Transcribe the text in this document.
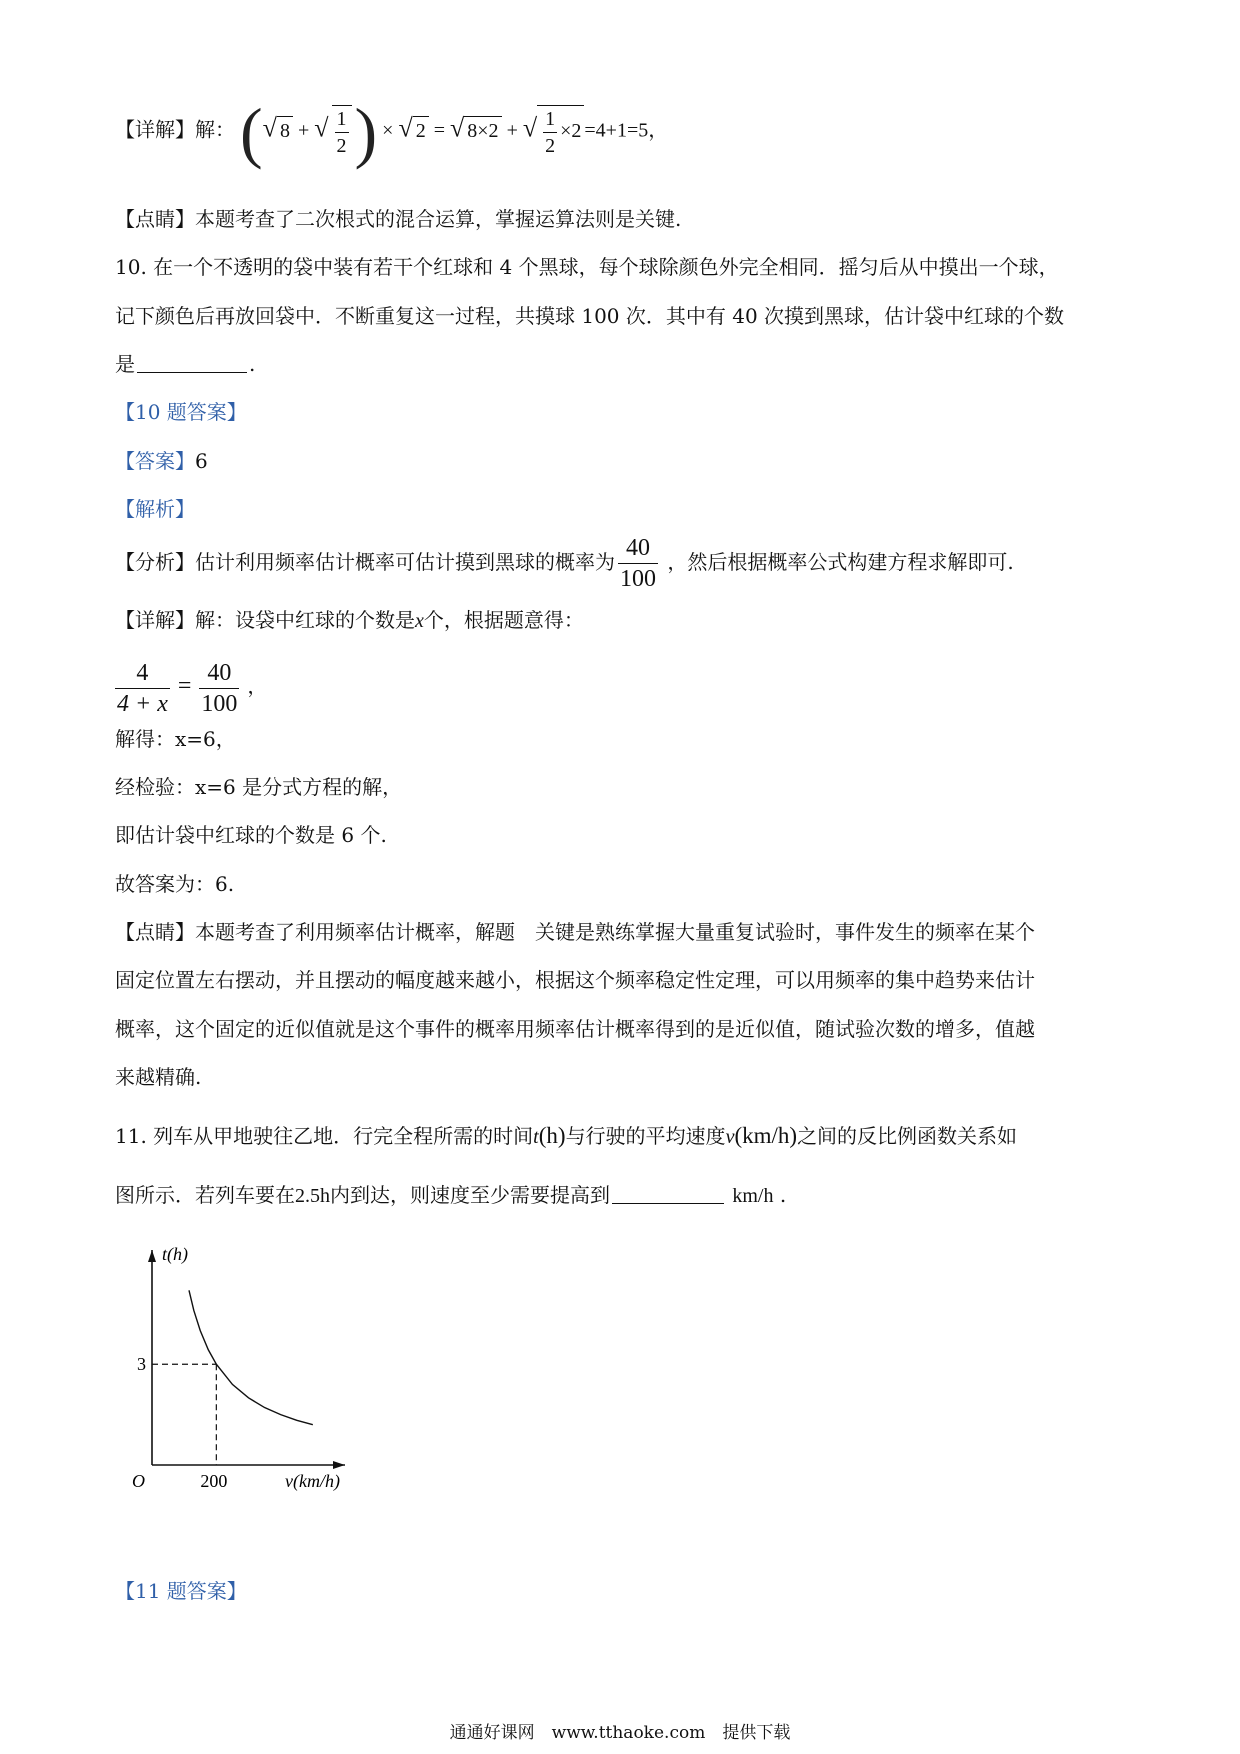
【详解】解： (√ 8 + √ $\frac{1}{2}$ ) × √ 2 = √ 8×2 + √ $\frac{1}{2} \times 2 =4+1=5$，
【点睛】本题考查了二次根式的混合运算，掌握运算法则是关键.
10. 在一个不透明的袋中装有若干个红球和 4 个黑球，每个球除颜色外完全相同．摇匀后从中摸出一个球，
记下颜色后再放回袋中．不断重复这一过程，共摸球 100 次．其中有 40 次摸到黑球，估计袋中红球的个数
是	.
【10 题答案】
【答案】6
【解析】
【分析】估计利用频率估计概率可估计摸到黑球的概率为 $\frac{40}{100}$ ，然后根据概率公式构建方程求解即可.
【详解】解：设袋中红球的个数是x个，根据题意得：
$\frac{4}{4 + x} = \frac{40}{100}$ ，
解得：x=6，
经检验：x=6 是分式方程的解，
即估计袋中红球的个数是 6 个.
故答案为：6.
【点睛】本题考查了利用频率估计概率，解题　关键是熟练掌握大量重复试验时，事件发生的频率在某个
固定位置左右摆动，并且摆动的幅度越来越小，根据这个频率稳定性定理，可以用频率的集中趋势来估计
概率，这个固定的近似值就是这个事件的概率用频率估计概率得到的是近似值，随试验次数的增多，值越
来越精确.
11. 列车从甲地驶往乙地．行完全程所需的时间t(h)与行驶的平均速度v(km/h)之间的反比例函数关系如
图所示．若列车要在2.5h内到达，则速度至少需要提高到	km/h .
3
200
O
t(h)
v(km/h)
【11 题答案】
通通好课网　www.tthaoke.com　提供下载
